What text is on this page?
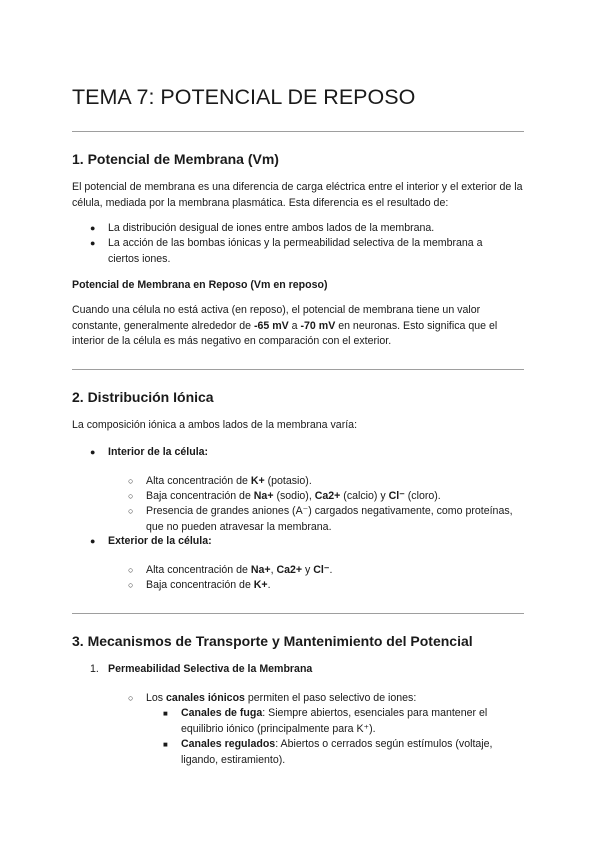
TEMA 7: POTENCIAL DE REPOSO
1. Potencial de Membrana (Vm)

El potencial de membrana es una diferencia de carga eléctrica entre el interior y el exterior de la célula, mediada por la membrana plasmática. Esta diferencia es el resultado de:

● La distribución desigual de iones entre ambos lados de la membrana.
● La acción de las bombas iónicas y la permeabilidad selectiva de la membrana a ciertos iones.
Potencial de Membrana en Reposo (Vm en reposo)

Cuando una célula no está activa (en reposo), el potencial de membrana tiene un valor constante, generalmente alrededor de -65 mV a -70 mV en neuronas. Esto significa que el interior de la célula es más negativo en comparación con el exterior.

2. Distribución Iónica

La composición iónica a ambos lados de la membrana varía:

● Interior de la célula:
○ Alta concentración de K+ (potasio).
○ Baja concentración de Na+ (sodio), Ca2+ (calcio) y Cl⁻ (cloro).
○ Presencia de grandes aniones (A⁻) cargados negativamente, como proteínas, que no pueden atravesar la membrana.
● Exterior de la célula:
○ Alta concentración de Na+, Ca2+ y Cl⁻.
○ Baja concentración de K+.
3. Mecanismos de Transporte y Mantenimiento del Potencial
1. Permeabilidad Selectiva de la Membrana
○ Los canales iónicos permiten el paso selectivo de iones:
■ Canales de fuga: Siempre abiertos, esenciales para mantener el equilibrio iónico (principalmente para K⁺).
■ Canales regulados: Abiertos o cerrados según estímulos (voltaje, ligando, estiramiento).
